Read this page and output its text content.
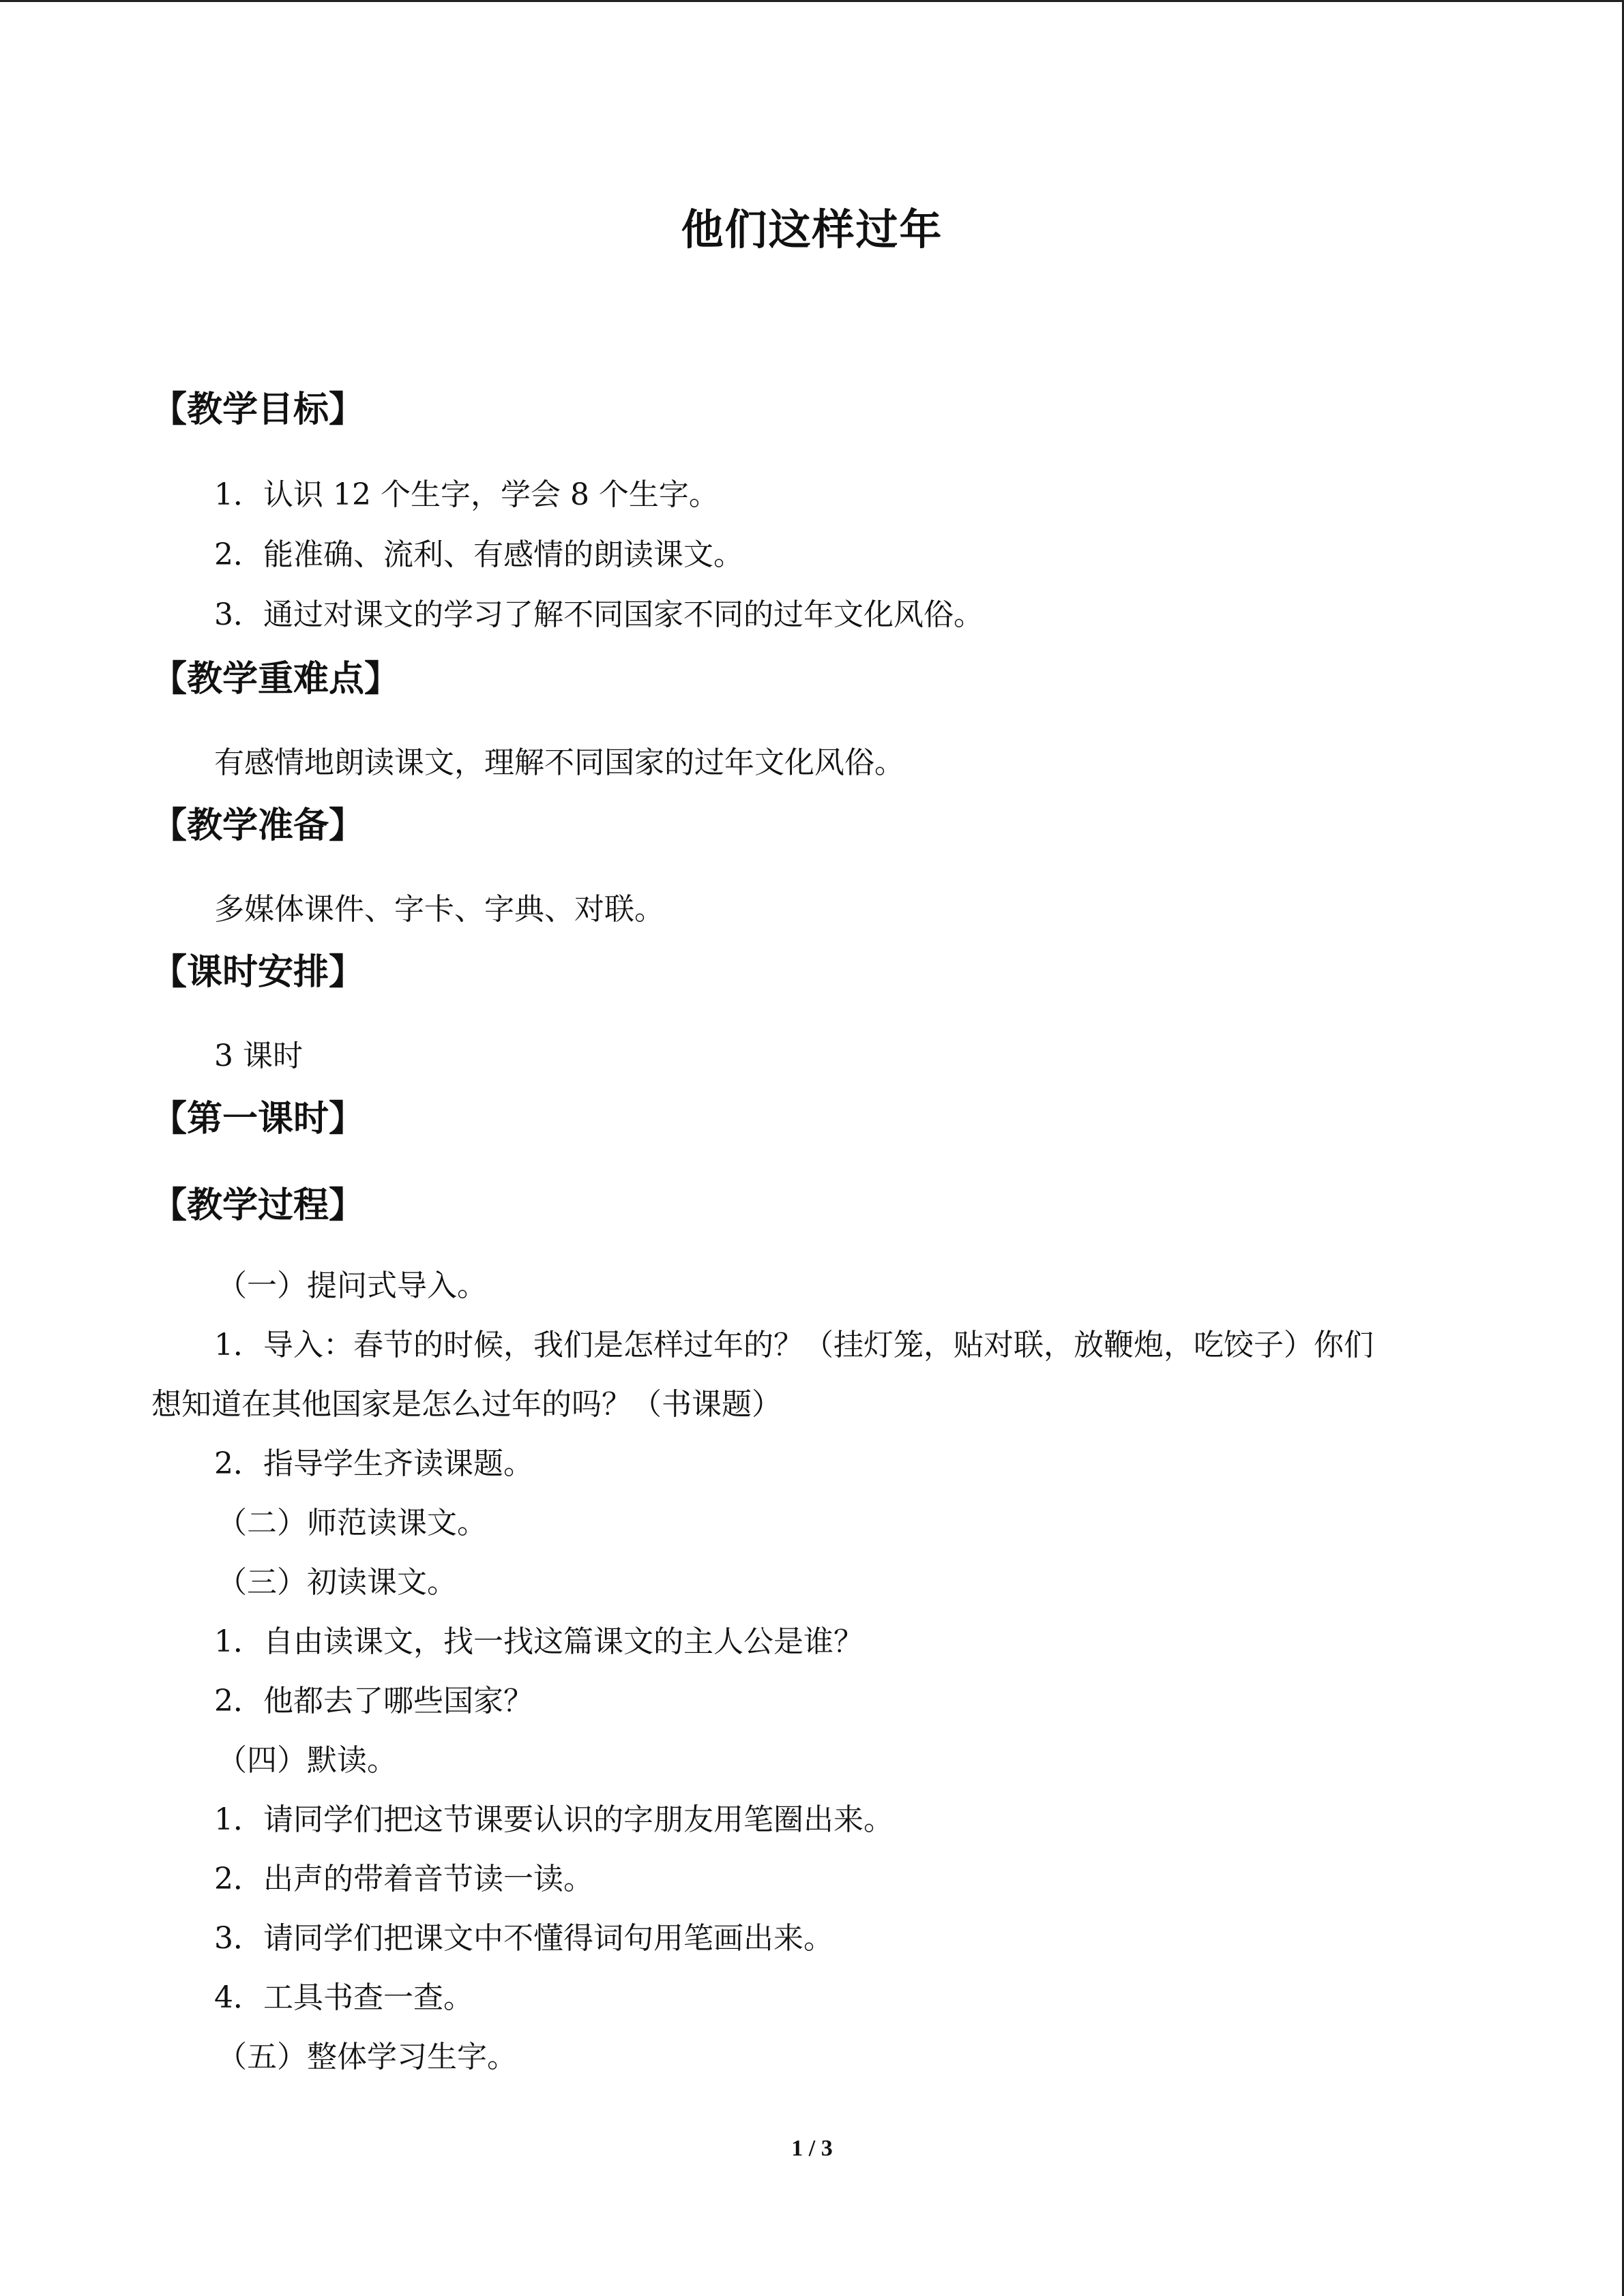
他们这样过年
【教学目标】
1．认识 12 个生字，学会 8 个生字。
2．能准确、流利、有感情的朗读课文。
3．通过对课文的学习了解不同国家不同的过年文化风俗。
【教学重难点】
有感情地朗读课文，理解不同国家的过年文化风俗。
【教学准备】
多媒体课件、字卡、字典、对联。
【课时安排】
3 课时
【第一课时】
【教学过程】
（一）提问式导入。
1．导入：春节的时候，我们是怎样过年的？（挂灯笼，贴对联，放鞭炮，吃饺子）你们
想知道在其他国家是怎么过年的吗？（书课题）
2．指导学生齐读课题。
（二）师范读课文。
（三）初读课文。
1．自由读课文，找一找这篇课文的主人公是谁？
2．他都去了哪些国家？
（四）默读。
1．请同学们把这节课要认识的字朋友用笔圈出来。
2．出声的带着音节读一读。
3．请同学们把课文中不懂得词句用笔画出来。
4．工具书查一查。
（五）整体学习生字。
1 / 3
